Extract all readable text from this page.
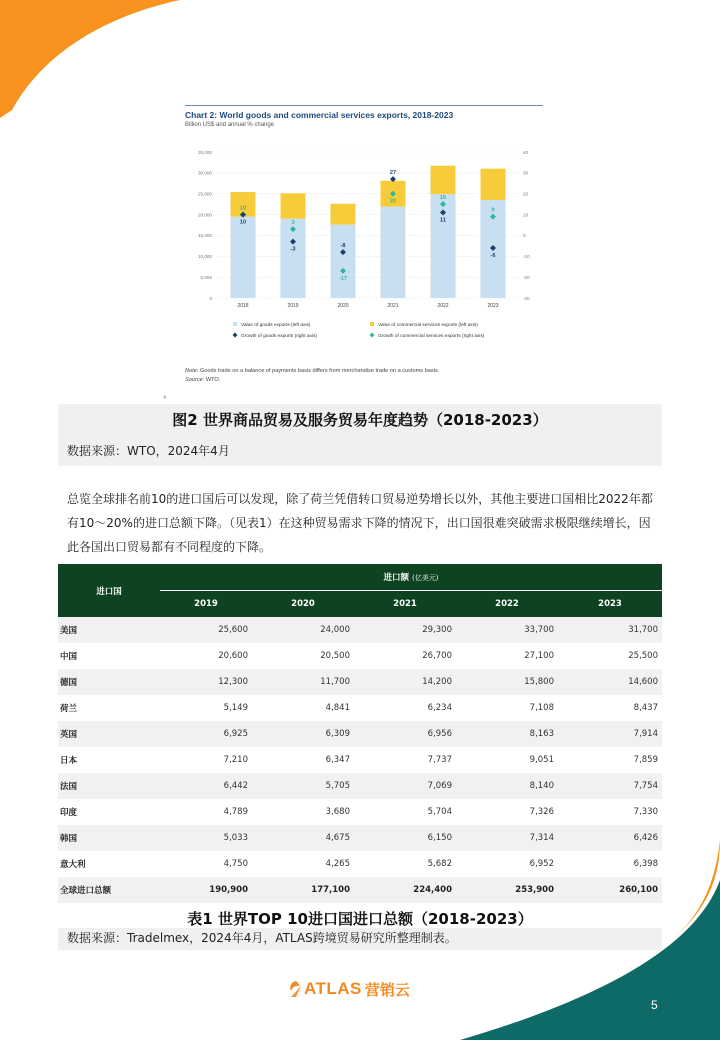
Chart 2: World goods and commercial services exports, 2018-2023
Billion US$ and annual % change
0
5,000
10,000
15,000
20,000
25,000
30,000
35,000
-30
-20
-10
0
10
20
30
40
2018
10
10
2019
-3
3
2020
-8
-17
2021
27
20
2022
11
15
2023
-6
9
Value of goods exports (left axis)	Value of commercial services exports (left axis)
Growth of goods exports (right axis)	Growth of commercial services exports (right axis)
Note: Goods trade on a balance of payments basis differs from merchandise trade on a customs basis.
Source: WTO.
4
图2 世界商品贸易及服务贸易年度趋势（2018-2023）
数据来源：WTO，2024年4月
总览全球排名前10的进口国后可以发现，除了荷兰凭借转口贸易逆势增长以外，其他主要进口国相比2022年都有10～20%的进口总额下降。（见表1）在这种贸易需求下降的情况下，出口国很难突破需求极限继续增长，因此各国出口贸易都有不同程度的下降。
进口国	进口额 (亿美元)				
	2019	2020	2021	2022	2023
美国	25,600	24,000	29,300	33,700	31,700
中国	20,600	20,500	26,700	27,100	25,500
德国	12,300	11,700	14,200	15,800	14,600
荷兰	5,149	4,841	6,234	7,108	8,437
英国	6,925	6,309	6,956	8,163	7,914
日本	7,210	6,347	7,737	9,051	7,859
法国	6,442	5,705	7,069	8,140	7,754
印度	4,789	3,680	5,704	7,326	7,330
韩国	5,033	4,675	6,150	7,314	6,426
意大利	4,750	4,265	5,682	6,952	6,398
全球进口总额	190,900	177,100	224,400	253,900	260,100
表1 世界TOP 10进口国进口总额（2018-2023）
数据来源：Tradelmex，2024年4月，ATLAS跨境贸易研究所整理制表。
ATLAS 营销云
5
